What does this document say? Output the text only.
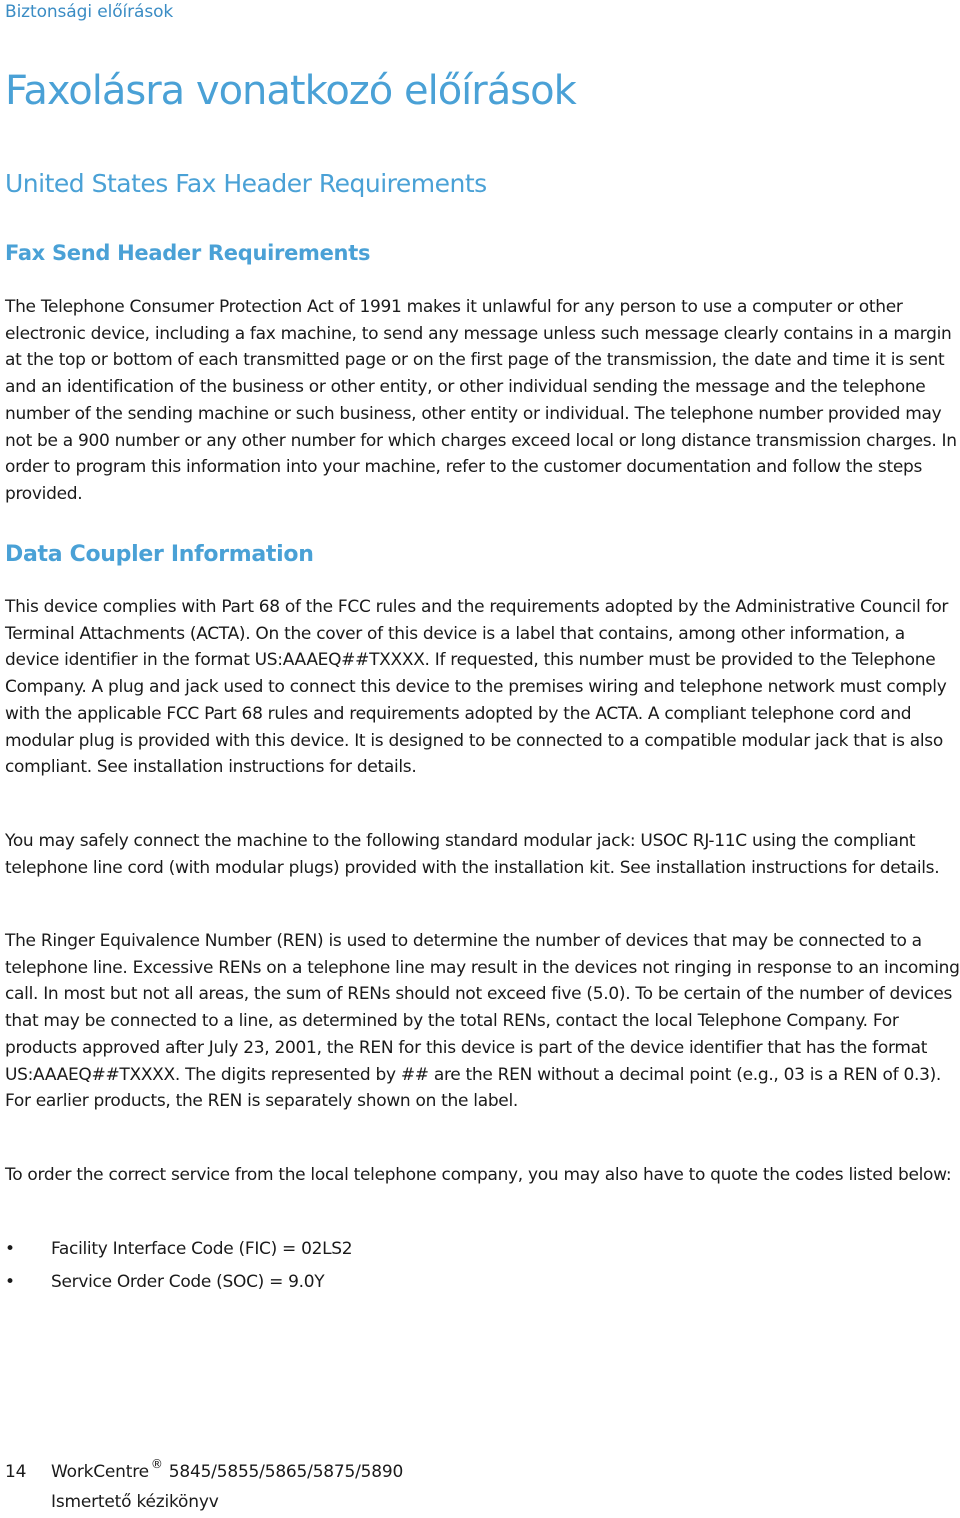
Biztonsági előírások
Faxolásra vonatkozó előírások
United States Fax Header Requirements
Fax Send Header Requirements

The Telephone Consumer Protection Act of 1991 makes it unlawful for any person to use a computer or other electronic device, including a fax machine, to send any message unless such message clearly contains in a margin at the top or bottom of each transmitted page or on the first page of the transmission, the date and time it is sent and an identification of the business or other entity, or other individual sending the message and the telephone number of the sending machine or such business, other entity or individual. The telephone number provided may not be a 900 number or any other number for which charges exceed local or long distance transmission charges. In order to program this information into your machine, refer to the customer documentation and follow the steps provided.

Data Coupler Information

This device complies with Part 68 of the FCC rules and the requirements adopted by the Administrative Council for Terminal Attachments (ACTA). On the cover of this device is a label that contains, among other information, a device identifier in the format US:AAAEQ##TXXXX. If requested, this number must be provided to the Telephone Company. A plug and jack used to connect this device to the premises wiring and telephone network must comply with the applicable FCC Part 68 rules and requirements adopted by the ACTA. A compliant telephone cord and modular plug is provided with this device. It is designed to be connected to a compatible modular jack that is also compliant. See installation instructions for details.

You may safely connect the machine to the following standard modular jack: USOC RJ-11C using the compliant telephone line cord (with modular plugs) provided with the installation kit. See installation instructions for details.

The Ringer Equivalence Number (REN) is used to determine the number of devices that may be connected to a telephone line. Excessive RENs on a telephone line may result in the devices not ringing in response to an incoming call. In most but not all areas, the sum of RENs should not exceed five (5.0). To be certain of the number of devices that may be connected to a line, as determined by the total RENs, contact the local Telephone Company. For products approved after July 23, 2001, the REN for this device is part of the device identifier that has the format US:AAAEQ##TXXXX. The digits represented by ## are the REN without a decimal point (e.g., 03 is a REN of 0.3). For earlier products, the REN is separately shown on the label.

To order the correct service from the local telephone company, you may also have to quote the codes listed below:

• Facility Interface Code (FIC) = 02LS2
• Service Order Code (SOC) = 9.0Y
14 WorkCentre ® 5845/5855/5865/5875/5890
Ismertető kézikönyv
